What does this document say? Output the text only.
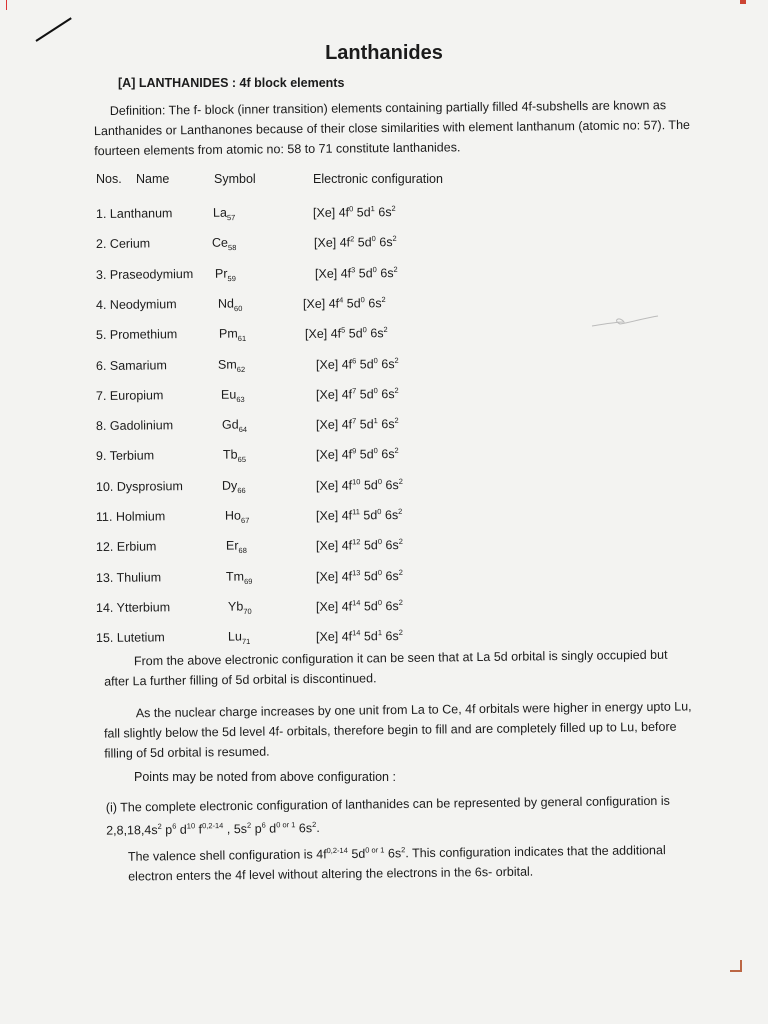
Lanthanides
[A] LANTHANIDES : 4f block elements
Definition: The f- block (inner transition) elements containing partially filled 4f-subshells are known as Lanthanides or Lanthanones because of their close similarities with element lanthanum (atomic no: 57). The fourteen elements from atomic no: 58 to 71 constitute lanthanides.
Nos. Name	Symbol	Electronic configuration
1. Lanthanum	$La_{57}$	[Xe] $4f^0$ $5d^1$ $6s^2$
2. Cerium	$Ce_{58}$	[Xe] $4f^2$ $5d^0$ $6s^2$
3. Praseodymium $Pr_{59}$	[Xe] $4f^3$ $5d^0$ $6s^2$
4. Neodymium	$Nd_{60}$	[Xe] $4f^4$ $5d^0$ $6s^2$
5. Promethium	$Pm_{61}$	[Xe] $4f^5$ $5d^0$ $6s^2$
6. Samarium	$Sm_{62}$	[Xe] $4f^6$ $5d^0$ $6s^2$
7. Europium	$Eu_{63}$	[Xe] $4f^7$ $5d^0$ $6s^2$
8. Gadolinium	$Gd_{64}$	[Xe] $4f^7$ $5d^1$ $6s^2$
9. Terbium	$Tb_{65}$	[Xe] $4f^9$ $5d^0$ $6s^2$
10. Dysprosium	$Dy_{66}$	[Xe] $4f^{10}$ $5d^0$ $6s^2$
11. Holmium	$Ho_{67}$	[Xe] $4f^{11}$ $5d^0$ $6s^2$
12. Erbium	$Er_{68}$	[Xe] $4f^{12}$ $5d^0$ $6s^2$
13. Thulium	$Tm_{69}$	[Xe] $4f^{13}$ $5d^0$ $6s^2$
14. Ytterbium	$Yb_{70}$	[Xe] $4f^{14}$ $5d^0$ $6s^2$
15. Lutetium	$Lu_{71}$	[Xe] $4f^{14}$ $5d^1$ $6s^2$
From the above electronic configuration it can be seen that at La 5d orbital is singly occupied but after La further filling of 5d orbital is discontinued.
As the nuclear charge increases by one unit from La to Ce, 4f orbitals were higher in energy upto Lu, fall slightly below the 5d level 4f- orbitals, therefore begin to fill and are completely filled up to Lu, before filling of 5d orbital is resumed.
Points may be noted from above configuration :
(i) The complete electronic configuration of lanthanides can be represented by general configuration is
$2,8,18,4s^2$ $p^6$ $d^{10}$ $f^{0,2-14}$ , $5s^2$ $p^6$ $d^{0 or 1}$ $6s^2$.
The valence shell configuration is $4f^{0,2-14}$ $5d^{0 or 1}$ $6s^2$. This configuration indicates that the additional electron enters the 4f level without altering the electrons in the 6s- orbital.
